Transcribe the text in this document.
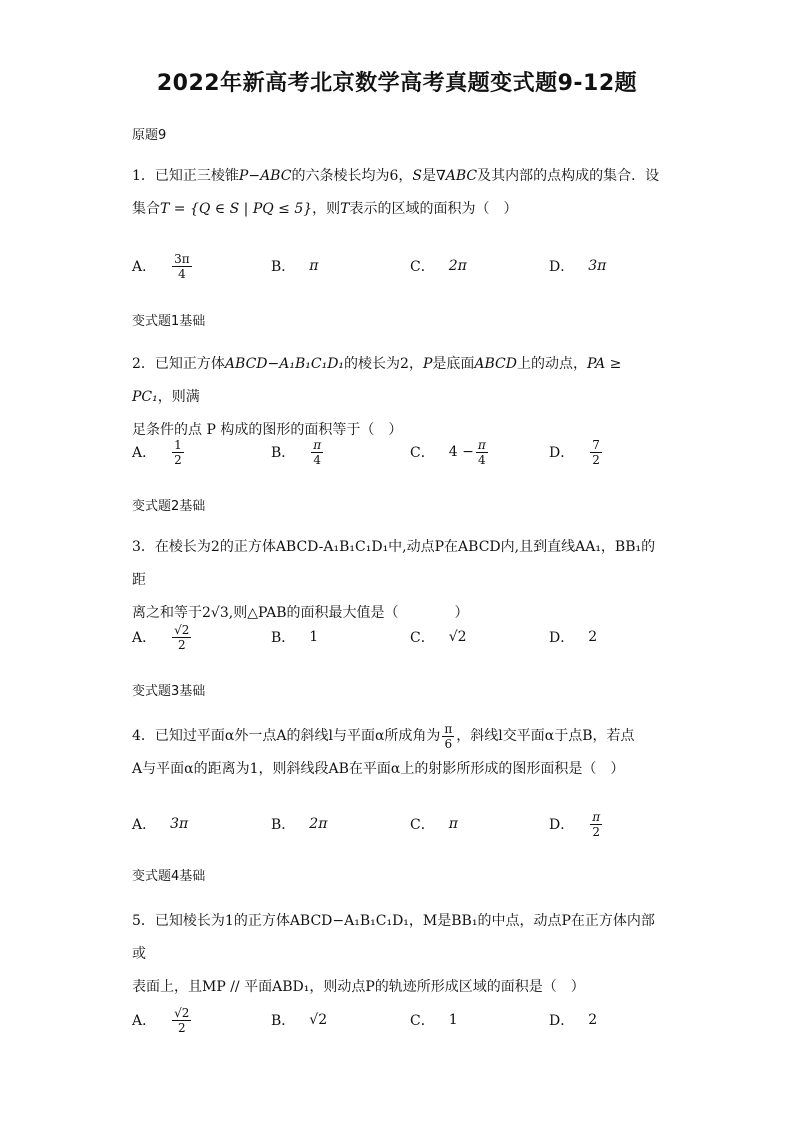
2022年新高考北京数学高考真题变式题9-12题
原题9
1．已知正三棱锥P−ABC的六条棱长均为6，S是∇ABC及其内部的点构成的集合．设
集合T = {Q ∈ S | PQ ≤ 5}，则T表示的区域的面积为（　）
A． $\frac{3\pi}{4}$	B． π	C． 2π	D． 3π
变式题1基础
2．已知正方体ABCD−A₁B₁C₁D₁的棱长为2，P是底面ABCD上的动点，PA ≥ PC₁，则满
足条件的点 P 构成的图形的面积等于（　）
A． $\frac{1}{2}$	B． $\frac{\pi}{4}$	C． $4 - \frac{\pi}{4}$	D． $\frac{7}{2}$
变式题2基础
3．在棱长为2的正方体ABCD-A₁B₁C₁D₁中,动点P在ABCD内,且到直线AA₁，BB₁的距
离之和等于2√3,则△PAB的面积最大值是（　　　　）
A． $\frac{√2}{2}$	B． 1	C． √2	D． 2
变式题3基础
4．已知过平面α外一点A的斜线l与平面α所成角为 $\frac{\pi}{6}$ ，斜线l交平面α于点B，若点
A与平面α的距离为1，则斜线段AB在平面α上的射影所形成的图形面积是（　）
A． 3π	B． 2π	C． π	D． $\frac{\pi}{2}$
变式题4基础
5．已知棱长为1的正方体ABCD−A₁B₁C₁D₁，M是BB₁的中点，动点P在正方体内部或
表面上，且MP // 平面ABD₁，则动点P的轨迹所形成区域的面积是（　）
A． $\frac{√2}{2}$	B． √2	C． 1	D． 2
